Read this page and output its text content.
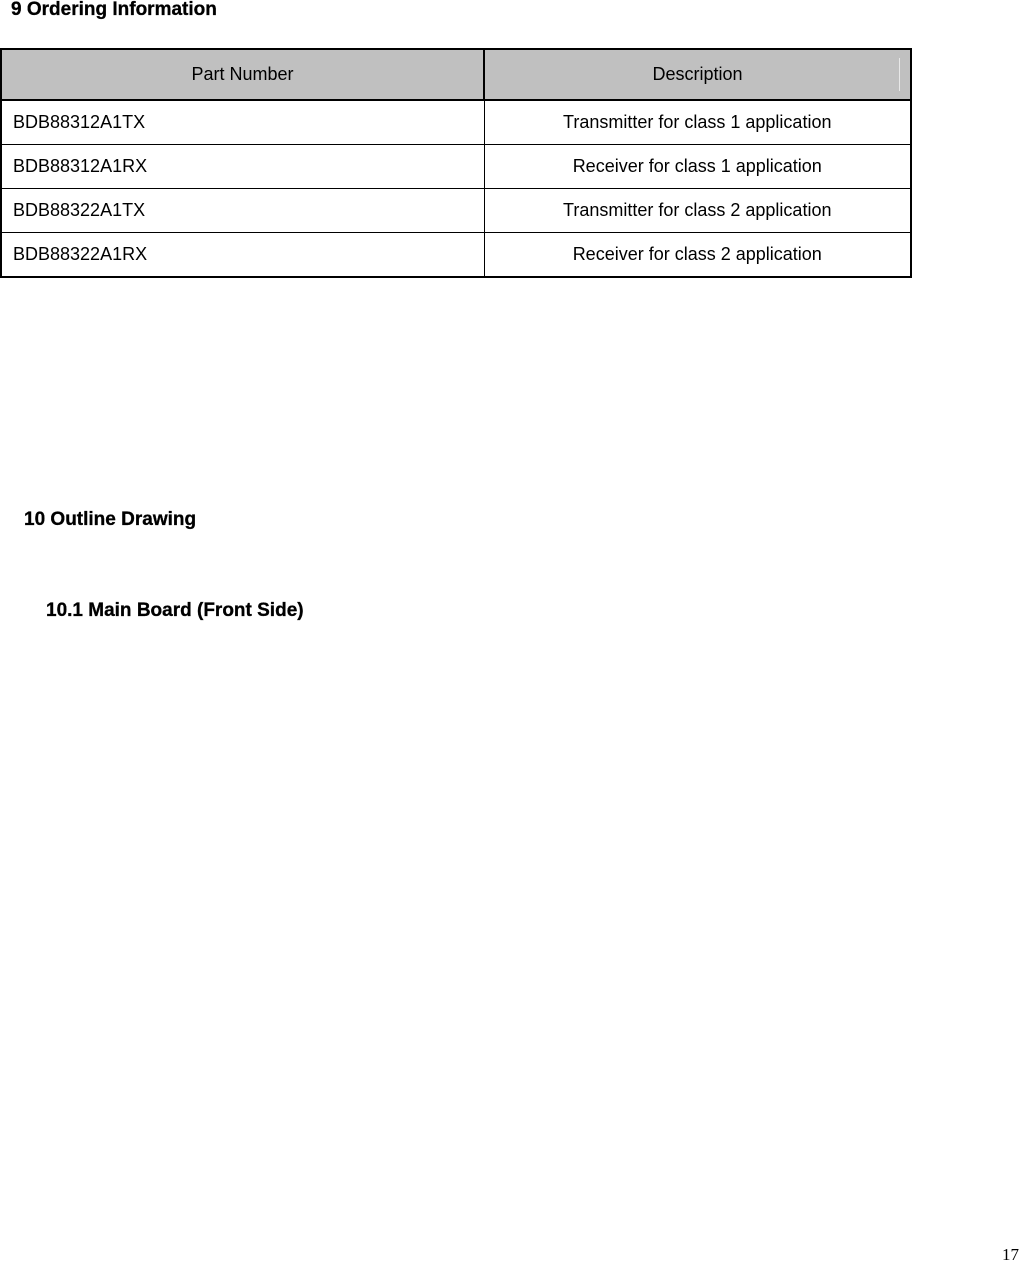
9 Ordering Information
Part Number	Description
BDB88312A1TX	Transmitter for class 1 application
BDB88312A1RX	Receiver for class 1 application
BDB88322A1TX	Transmitter for class 2 application
BDB88322A1RX	Receiver for class 2 application
10 Outline Drawing
10.1 Main Board (Front Side)
17
